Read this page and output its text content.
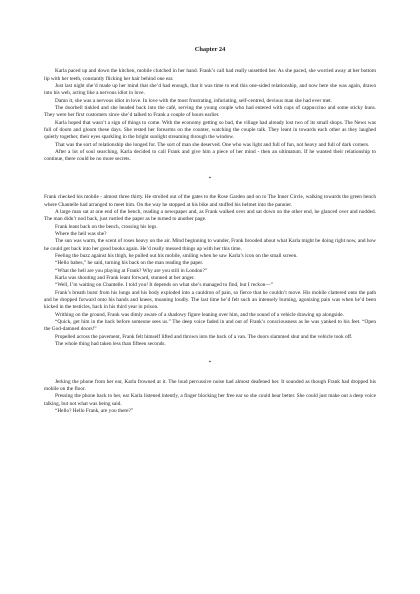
Chapter 24

Karla paced up and down the kitchen, mobile clutched in her hand. Frank’s call had really unsettled her. As she paced, she worried away at her bottom lip with her teeth, constantly flicking her hair behind one ear.

Just last night she’d made up her mind that she’d had enough, that it was time to end this one-sided relationship, and now here she was again, drawn into his web, acting like a nervous idiot in love.

Damn it, she was a nervous idiot in love. In love with the most frustrating, infuriating, self-centred, devious man she had ever met.

The doorbell tinkled and she headed back into the café, serving the young couple who had entered with cups of cappuccino and some sticky buns. They were her first customers since she’d talked to Frank a couple of hours earlier.

Karla hoped that wasn’t a sign of things to come. With the economy getting so bad, the village had already lost two of its small shops. The News was full of doom and gloom these days. She rested her forearms on the counter, watching the couple talk. They leant in towards each other as they laughed quietly together, their eyes sparkling in the bright sunlight streaming through the window.

That was the sort of relationship she longed for. The sort of man she deserved. One who was light and full of fun, not heavy and full of dark corners.

After a lot of soul searching, Karla decided to call Frank and give him a piece of her mind - then an ultimatum. If he wanted their relationship to continue, there could be no more secrets.

*

Frank checked his mobile - almost three thirty. He strolled out of the gates to the Rose Garden and on to The Inner Circle, walking towards the green bench where Chantelle had arranged to meet him. On the way he stopped at his bike and stuffed his helmet into the pannier.

A large man sat at one end of the bench, reading a newspaper and, as Frank walked over and sat down on the other end, he glanced over and nodded. The man didn’t nod back, just rustled the paper as he turned to another page.

Frank leant back on the bench, crossing his legs.

Where the hell was she?

The sun was warm, the scent of roses heavy on the air. Mind beginning to wander, Frank brooded about what Karla might be doing right now, and how he could get back into her good books again. He’d really messed things up with her this time.

Feeling the buzz against his thigh, he pulled out his mobile, smiling when he saw Karla’s icon on the small screen.

“Hello babes,” he said, turning his back on the man reading the paper.

“What the hell are you playing at Frank? Why are you still in London?”

Karla was shouting and Frank leant forward, stunned at her anger.

“Well, I’m waiting on Chantelle. I told you! It depends on what she’s managed to find, but I reckon—”

Frank’s breath burst from his lungs and his body exploded into a cauldron of pain, so fierce that he couldn’t move. His mobile clattered onto the path and he dropped forward onto his hands and knees, moaning loudly. The last time he’d felt such an intensely burning, agonising pain was when he’d been kicked in the testicles, back in his third year in prison.

Writhing on the ground, Frank was dimly aware of a shadowy figure leaning over him, and the sound of a vehicle drawing up alongside.

“Quick, get him in the back before someone sees us.” The deep voice faded in and out of Frank’s consciousness as he was yanked to his feet. “Open the God-damned doors!”

Propelled across the pavement, Frank felt himself lifted and thrown into the back of a van. The doors slammed shut and the vehicle took off.

The whole thing had taken less than fifteen seconds.

*

Jerking the phone from her ear, Karla frowned at it. The loud percussive noise had almost deafened her. It sounded as though Frank had dropped his mobile on the floor.

Pressing the phone back to her, ear Karla listened intently, a finger blocking her free ear so she could hear better. She could just make out a deep voice talking, but not what was being said.

“Hello? Hello Frank, are you there?”
